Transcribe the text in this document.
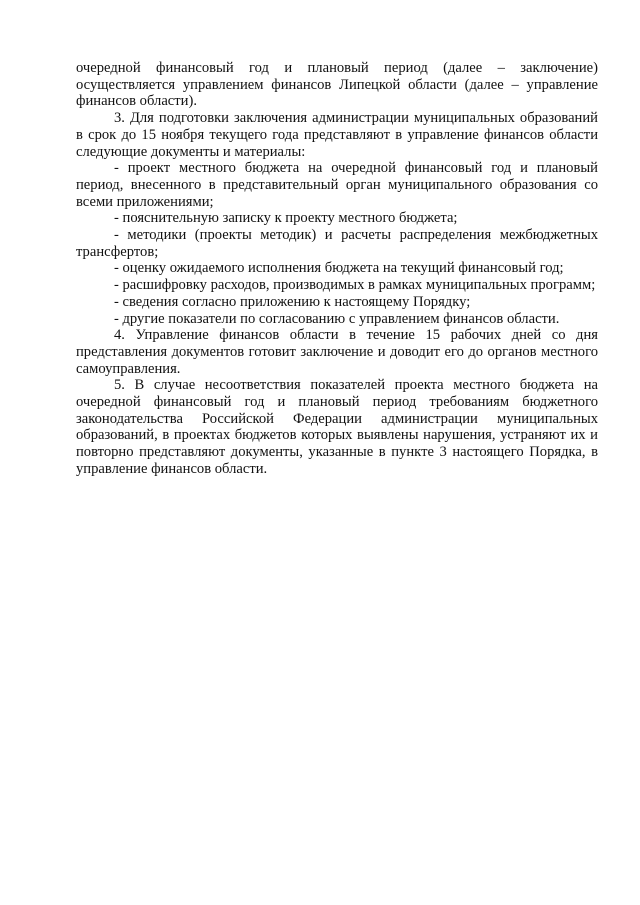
очередной финансовый год и плановый период (далее – заключение) осуществляется управлением финансов Липецкой области (далее – управление финансов области).

3. Для подготовки заключения администрации муниципальных образований в срок до 15 ноября текущего года представляют в управление финансов области следующие документы и материалы:

- проект местного бюджета на очередной финансовый год и плановый период, внесенного в представительный орган муниципального образования со всеми приложениями;

- пояснительную записку к проекту местного бюджета;

- методики (проекты методик) и расчеты распределения межбюджетных трансфертов;

- оценку ожидаемого исполнения бюджета на текущий финансовый год;

- расшифровку расходов, производимых в рамках муниципальных программ;

- сведения согласно приложению к настоящему Порядку;

- другие показатели по согласованию с управлением финансов области.

4. Управление финансов области в течение 15 рабочих дней со дня представления документов готовит заключение и доводит его до органов местного самоуправления.

5. В случае несоответствия показателей проекта местного бюджета на очередной финансовый год и плановый период требованиям бюджетного законодательства Российской Федерации администрации муниципальных образований, в проектах бюджетов которых выявлены нарушения, устраняют их и повторно представляют документы, указанные в пункте 3 настоящего Порядка, в управление финансов области.
